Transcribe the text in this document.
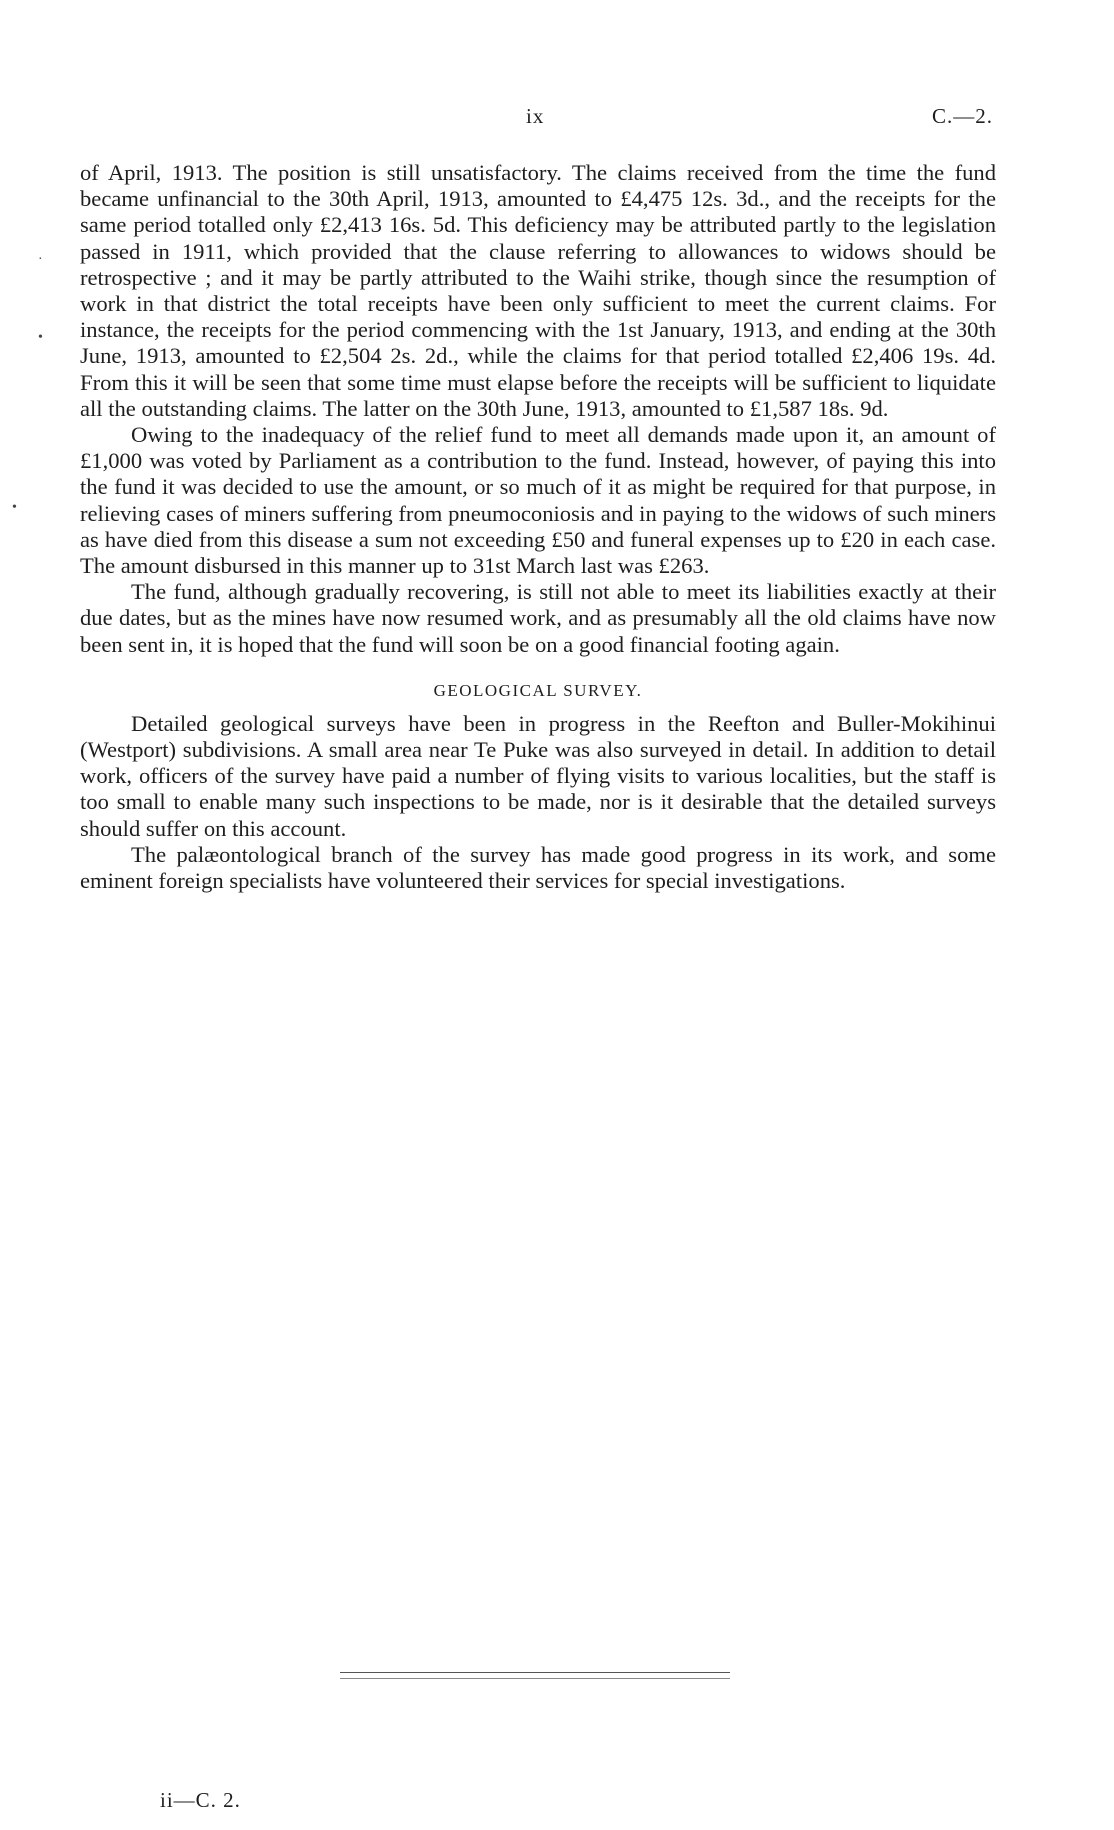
ix	C.—2.

of April, 1913. The position is still unsatisfactory. The claims received from the time the fund became unfinancial to the 30th April, 1913, amounted to £4,475 12s. 3d., and the receipts for the same period totalled only £2,413 16s. 5d. This deficiency may be attributed partly to the legislation passed in 1911, which provided that the clause referring to allowances to widows should be retrospective ; and it may be partly attributed to the Waihi strike, though since the resumption of work in that district the total receipts have been only sufficient to meet the current claims. For instance, the receipts for the period commencing with the 1st January, 1913, and ending at the 30th June, 1913, amounted to £2,504 2s. 2d., while the claims for that period totalled £2,406 19s. 4d. From this it will be seen that some time must elapse before the receipts will be sufficient to liquidate all the outstanding claims. The latter on the 30th June, 1913, amounted to £1,587 18s. 9d.

Owing to the inadequacy of the relief fund to meet all demands made upon it, an amount of £1,000 was voted by Parliament as a contribution to the fund. Instead, however, of paying this into the fund it was decided to use the amount, or so much of it as might be required for that purpose, in relieving cases of miners suffering from pneumoconiosis and in paying to the widows of such miners as have died from this disease a sum not exceeding £50 and funeral expenses up to £20 in each case. The amount disbursed in this manner up to 31st March last was £263.

The fund, although gradually recovering, is still not able to meet its liabilities exactly at their due dates, but as the mines have now resumed work, and as presumably all the old claims have now been sent in, it is hoped that the fund will soon be on a good financial footing again.

GEOLOGICAL SURVEY.

Detailed geological surveys have been in progress in the Reefton and Buller-Mokihinui (Westport) subdivisions. A small area near Te Puke was also surveyed in detail. In addition to detail work, officers of the survey have paid a number of flying visits to various localities, but the staff is too small to enable many such inspections to be made, nor is it desirable that the detailed surveys should suffer on this account.

The palæontological branch of the survey has made good progress in its work, and some eminent foreign specialists have volunteered their services for special investigations.

·
•
•
ii—C. 2.
